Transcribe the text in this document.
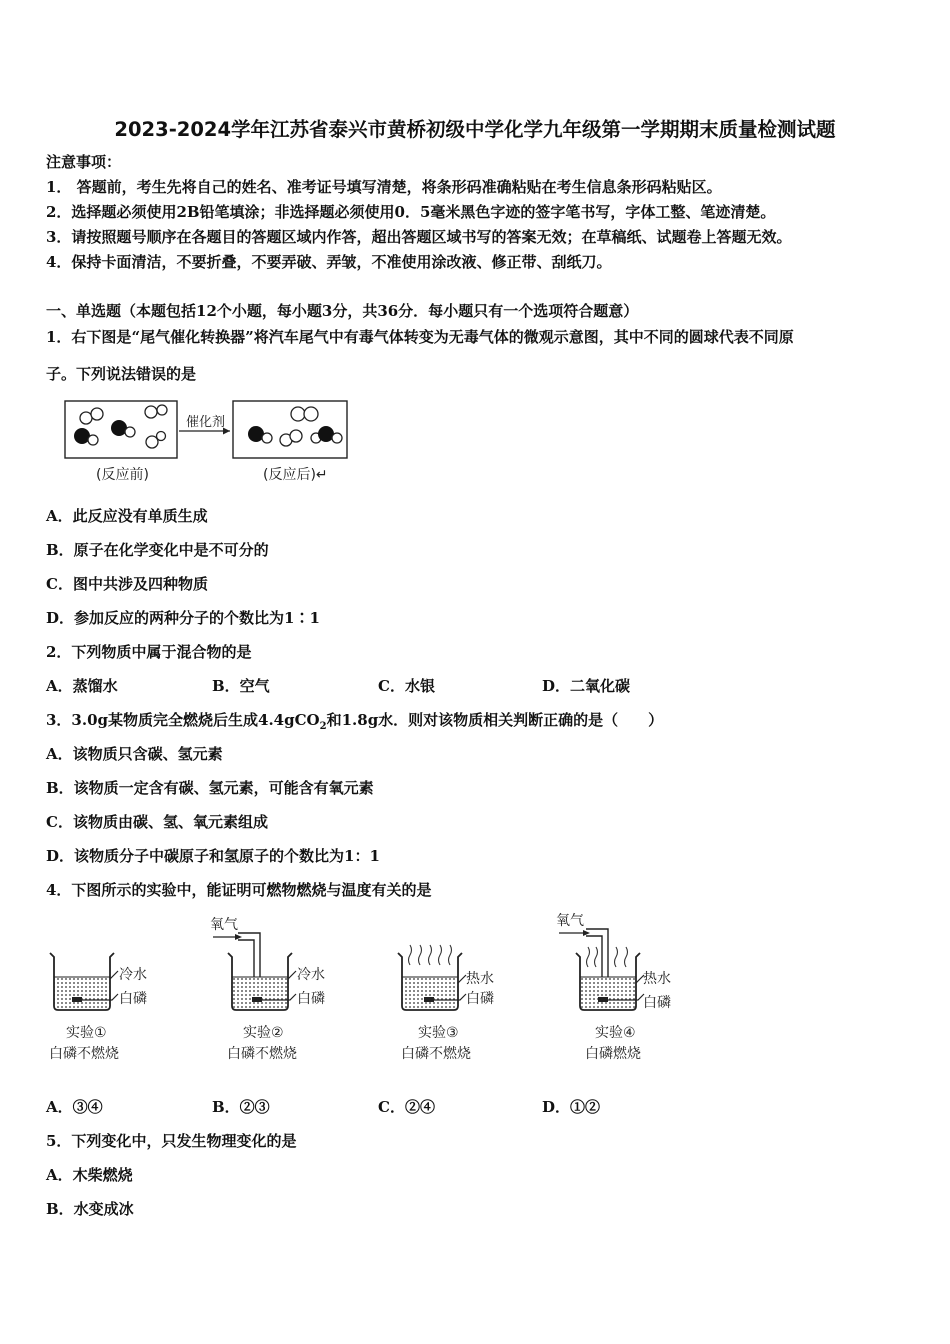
2023-2024学年江苏省泰兴市黄桥初级中学化学九年级第一学期期末质量检测试题
注意事项：
1． 答题前，考生先将自己的姓名、准考证号填写清楚，将条形码准确粘贴在考生信息条形码粘贴区。
2．选择题必须使用2B铅笔填涂；非选择题必须使用0．5毫米黑色字迹的签字笔书写，字体工整、笔迹清楚。
3．请按照题号顺序在各题目的答题区域内作答，超出答题区域书写的答案无效；在草稿纸、试题卷上答题无效。
4．保持卡面清洁，不要折叠，不要弄破、弄皱，不准使用涂改液、修正带、刮纸刀。
一、单选题（本题包括12个小题，每小题3分，共36分．每小题只有一个选项符合题意）
1．右下图是“尾气催化转换器”将汽车尾气中有毒气体转变为无毒气体的微观示意图，其中不同的圆球代表不同原
子。下列说法错误的是
催化剂
(反应前)	(反应后)↵
A．此反应没有单质生成
B．原子在化学变化中是不可分的
C．图中共涉及四种物质
D．参加反应的两种分子的个数比为1∶1
2．下列物质中属于混合物的是
A．蒸馏水	B．空气	C．水银	D．二氧化碳
3．3.0g某物质完全燃烧后生成4.4gCO$_2$和1.8g水．则对该物质相关判断正确的是（　　）
A．该物质只含碳、氢元素
B．该物质一定含有碳、氢元素，可能含有氧元素
C．该物质由碳、氢、氧元素组成
D．该物质分子中碳原子和氢原子的个数比为1：1
4．下图所示的实验中，能证明可燃物燃烧与温度有关的是
冷水
白磷
实验①
白磷不燃烧
氧气
冷水
白磷
实验②
白磷不燃烧
热水
白磷
实验③
白磷不燃烧
氧气
热水
白磷
实验④
白磷燃烧
A．③④	B．②③	C．②④	D．①②
5．下列变化中，只发生物理变化的是
A．木柴燃烧
B．水变成冰
